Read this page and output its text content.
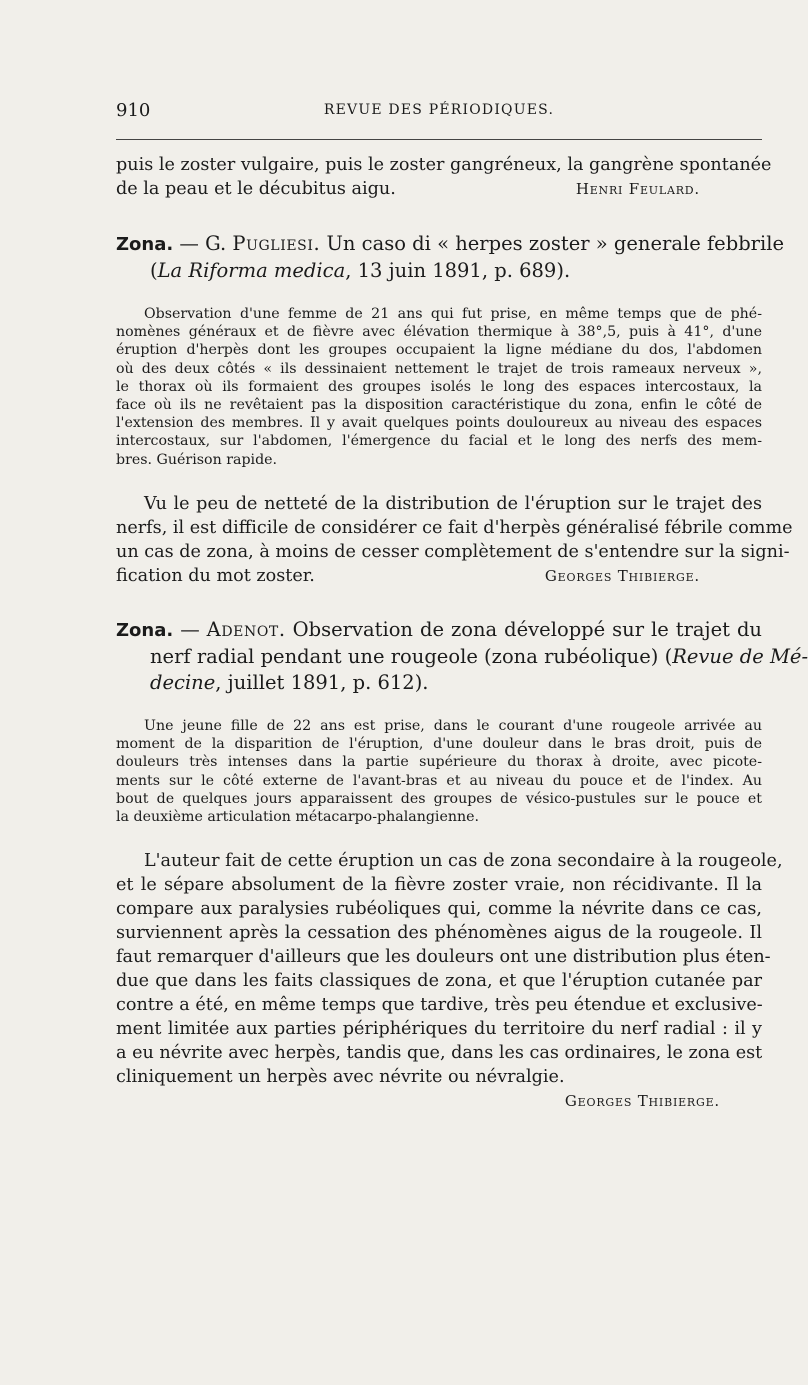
910	REVUE DES PÉRIODIQUES.
puis le zoster vulgaire, puis le zoster gangréneux, la gangrène spontanée
de la peau et le décubitus aigu.	Henri Feulard.
Zona. — G. Pugliesi. Un caso di « herpes zoster » generale febbrile
(La Riforma medica, 13 juin 1891, p. 689).
Observation d'une femme de 21 ans qui fut prise, en même temps que de phé-
nomènes généraux et de fièvre avec élévation thermique à 38°,5, puis à 41°, d'une
éruption d'herpès dont les groupes occupaient la ligne médiane du dos, l'abdomen
où des deux côtés « ils dessinaient nettement le trajet de trois rameaux nerveux »,
le thorax où ils formaient des groupes isolés le long des espaces intercostaux, la
face où ils ne revêtaient pas la disposition caractéristique du zona, enfin le côté de
l'extension des membres. Il y avait quelques points douloureux au niveau des espaces
intercostaux, sur l'abdomen, l'émergence du facial et le long des nerfs des mem-
bres. Guérison rapide.
Vu le peu de netteté de la distribution de l'éruption sur le trajet des
nerfs, il est difficile de considérer ce fait d'herpès généralisé fébrile comme
un cas de zona, à moins de cesser complètement de s'entendre sur la signi-
fication du mot zoster.	Georges Thibierge.
Zona. — Adenot. Observation de zona développé sur le trajet du
nerf radial pendant une rougeole (zona rubéolique) (Revue de Mé-
decine, juillet 1891, p. 612).
Une jeune fille de 22 ans est prise, dans le courant d'une rougeole arrivée au
moment de la disparition de l'éruption, d'une douleur dans le bras droit, puis de
douleurs très intenses dans la partie supérieure du thorax à droite, avec picote-
ments sur le côté externe de l'avant-bras et au niveau du pouce et de l'index. Au
bout de quelques jours apparaissent des groupes de vésico-pustules sur le pouce et
la deuxième articulation métacarpo-phalangienne.
L'auteur fait de cette éruption un cas de zona secondaire à la rougeole,
et le sépare absolument de la fièvre zoster vraie, non récidivante. Il la
compare aux paralysies rubéoliques qui, comme la névrite dans ce cas,
surviennent après la cessation des phénomènes aigus de la rougeole. Il
faut remarquer d'ailleurs que les douleurs ont une distribution plus éten-
due que dans les faits classiques de zona, et que l'éruption cutanée par
contre a été, en même temps que tardive, très peu étendue et exclusive-
ment limitée aux parties périphériques du territoire du nerf radial : il y
a eu névrite avec herpès, tandis que, dans les cas ordinaires, le zona est
cliniquement un herpès avec névrite ou névralgie.
Georges Thibierge.
